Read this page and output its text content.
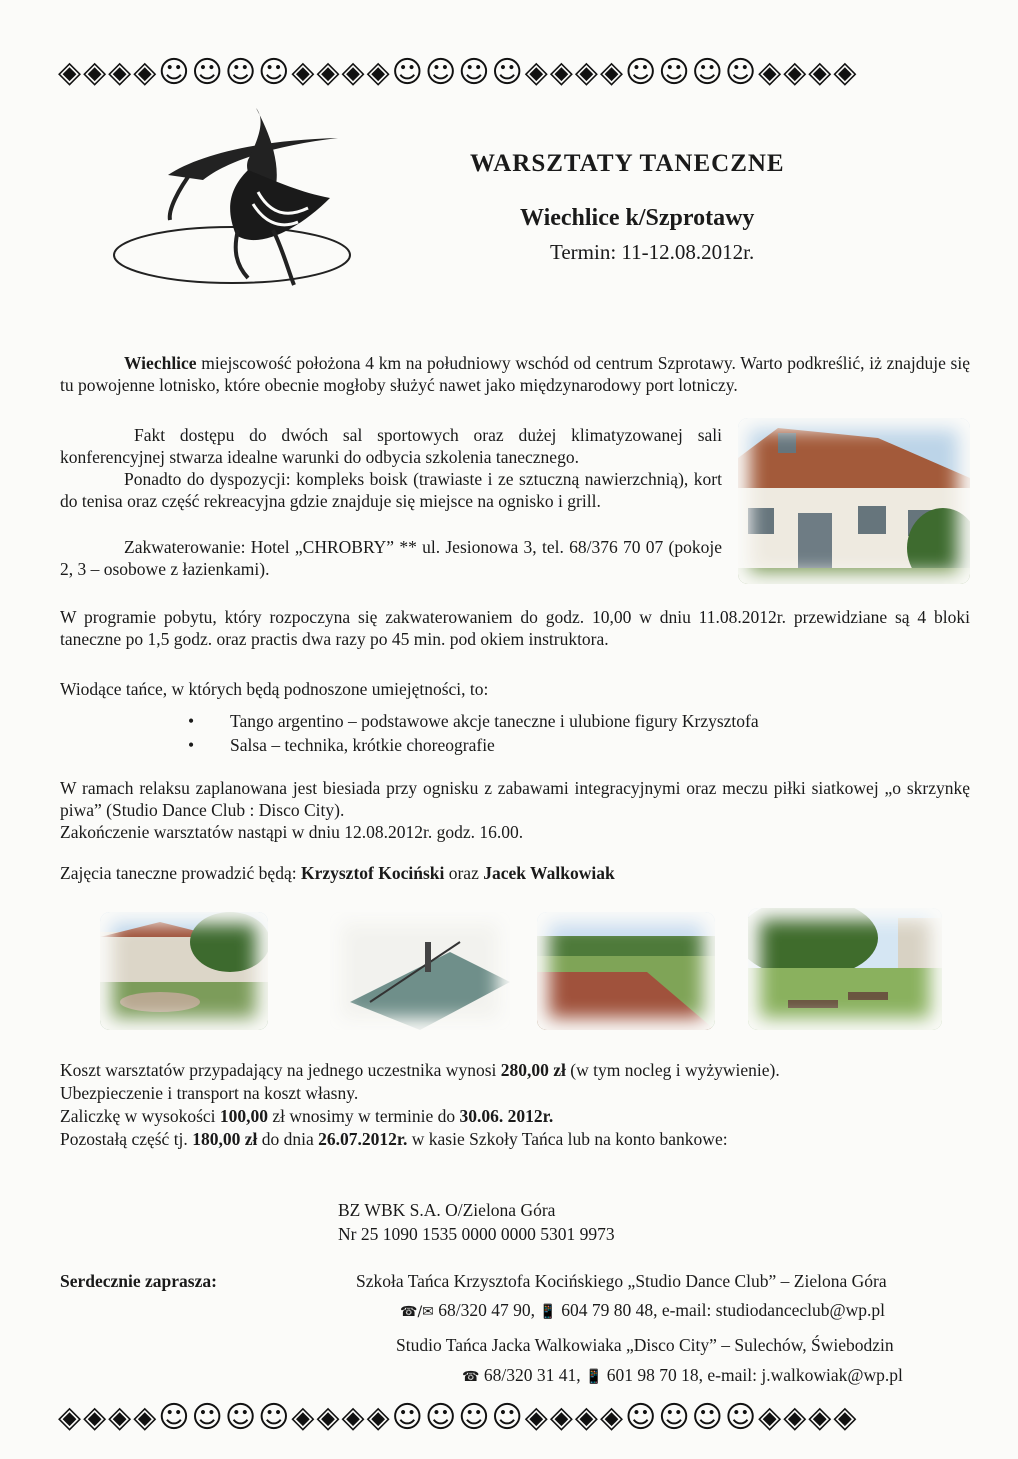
◈◈◈◈☺☺☺☺◈◈◈◈☺☺☺☺◈◈◈◈☺☺☺☺◈◈◈◈
WARSZTATY TANECZNE
Wiechlice k/Szprotawy
Termin: 11-12.08.2012r.

Wiechlice miejscowość położona 4 km na południowy wschód od centrum Szprotawy. Warto podkreślić, iż znajduje się tu powojenne lotnisko, które obecnie mogłoby służyć nawet jako międzynarodowy port lotniczy.

Fakt dostępu do dwóch sal sportowych oraz dużej klimatyzowanej sali konferencyjnej stwarza idealne warunki do odbycia szkolenia tanecznego.

Ponadto do dyspozycji: kompleks boisk (trawiaste i ze sztuczną nawierzchnią), kort do tenisa oraz część rekreacyjna gdzie znajduje się miejsce na ognisko i grill.

Zakwaterowanie: Hotel „CHROBRY” ** ul. Jesionowa 3, tel. 68/376 70 07 (pokoje 2, 3 – osobowe z łazienkami).

W programie pobytu, który rozpoczyna się zakwaterowaniem do godz. 10,00 w dniu 11.08.2012r. przewidziane są 4 bloki taneczne po 1,5 godz. oraz practis dwa razy po 45 min. pod okiem instruktora.

Wiodące tańce, w których będą podnoszone umiejętności, to:

• Tango argentino – podstawowe akcje taneczne i ulubione figury Krzysztofa
• Salsa – technika, krótkie choreografie

W ramach relaksu zaplanowana jest biesiada przy ognisku z zabawami integracyjnymi oraz meczu piłki siatkowej „o skrzynkę piwa” (Studio Dance Club : Disco City).

Zakończenie warsztatów nastąpi w dniu 12.08.2012r. godz. 16.00.

Zajęcia taneczne prowadzić będą: Krzysztof Kociński oraz Jacek Walkowiak

Koszt warsztatów przypadający na jednego uczestnika wynosi 280,00 zł (w tym nocleg i wyżywienie).

Ubezpieczenie i transport na koszt własny.

Zaliczkę w wysokości 100,00 zł wnosimy w terminie do 30.06. 2012r.

Pozostałą część tj. 180,00 zł do dnia 26.07.2012r. w kasie Szkoły Tańca lub na konto bankowe:

BZ WBK S.A. O/Zielona Góra

Nr 25 1090 1535 0000 0000 5301 9973

Serdecznie zaprasza:	Szkoła Tańca Krzysztofa Kocińskiego „Studio Dance Club” – Zielona Góra

☎/✉ 68/320 47 90, 📱 604 79 80 48, e-mail: studiodanceclub@wp.pl

Studio Tańca Jacka Walkowiaka „Disco City” – Sulechów, Świebodzin

☎ 68/320 31 41, 📱 601 98 70 18, e-mail: j.walkowiak@wp.pl

◈◈◈◈☺☺☺☺◈◈◈◈☺☺☺☺◈◈◈◈☺☺☺☺◈◈◈◈
